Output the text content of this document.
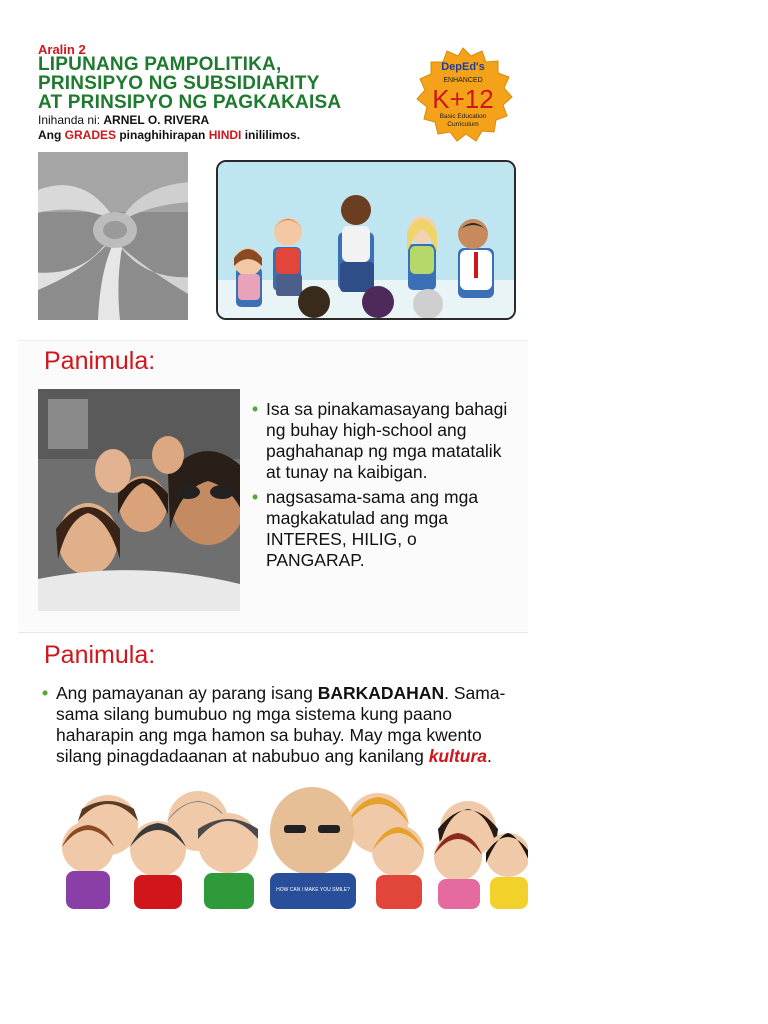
Aralin 2
LIPUNANG PAMPOLITIKA,
PRINSIPYO NG SUBSIDIARITY
AT PRINSIPYO NG PAGKAKAISA
Inihanda ni: ARNEL O. RIVERA
Ang GRADES pinaghihirapan HINDI inililimos.
DepEd's
ENHANCED
K+12
Basic Education
Curriculum
Panimula:
• Isa sa pinakamasayang bahagi ng buhay high-school ang paghahanap ng mga matatalik at tunay na kaibigan.
• nagsasama-sama ang mga magkakatulad ang mga INTERES, HILIG, o PANGARAP.
Panimula:
• Ang pamayanan ay parang isang BARKADAHAN. Sama-sama silang bumubuo ng mga sistema kung paano haharapin ang mga hamon sa buhay. May mga kwento silang pinagdadaanan at nabubuo ang kanilang kultura.
HOW CAN I MAKE YOU SMILE?
